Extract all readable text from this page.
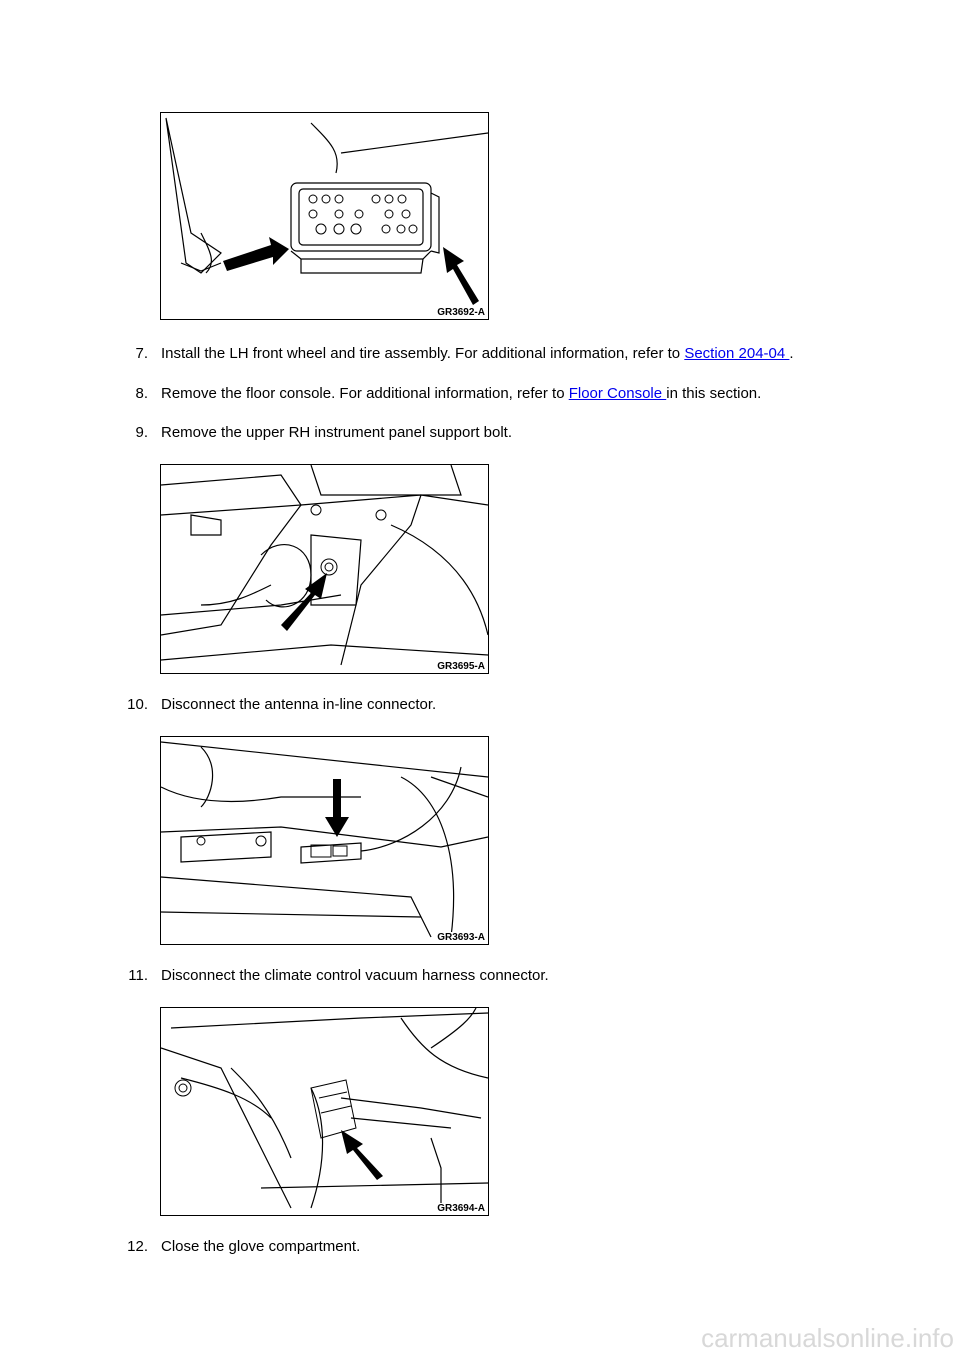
GR3692-A
7. Install the LH front wheel and tire assembly. For additional information, refer to Section 204-04 .
8. Remove the floor console. For additional information, refer to Floor Console in this section.
9. Remove the upper RH instrument panel support bolt.
GR3695-A
10. Disconnect the antenna in-line connector.
GR3693-A
11. Disconnect the climate control vacuum harness connector.
GR3694-A
12. Close the glove compartment.
carmanualsonline.info
